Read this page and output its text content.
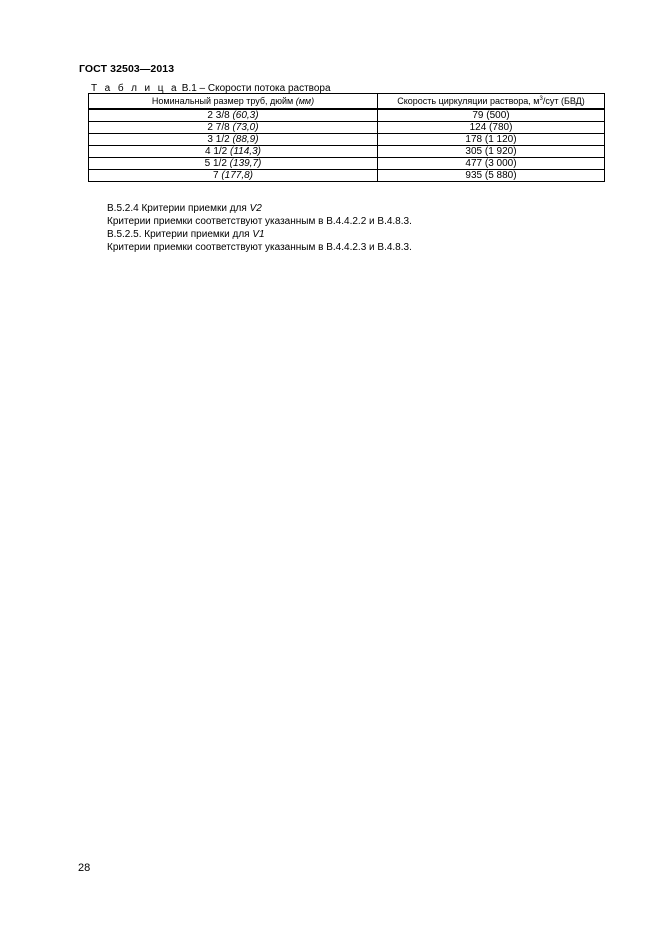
ГОСТ 32503—2013
Т а б л и ц а В.1 – Скорости потока раствора
Номинальный размер труб, дюйм (мм)	Скорость циркуляции раствора, $м^3$/сут (БВД)
2 3/8 (60,3)	79 (500)
2 7/8 (73,0)	124 (780)
3 1/2 (88,9)	178 (1 120)
4 1/2 (114,3)	305 (1 920)
5 1/2 (139,7)	477 (3 000)
7 (177,8)	935 (5 880)
В.5.2.4 Критерии приемки для V2
Критерии приемки соответствуют указанным в В.4.4.2.2 и В.4.8.3.
В.5.2.5. Критерии приемки для V1
Критерии приемки соответствуют указанным в В.4.4.2.3 и В.4.8.3.
28
